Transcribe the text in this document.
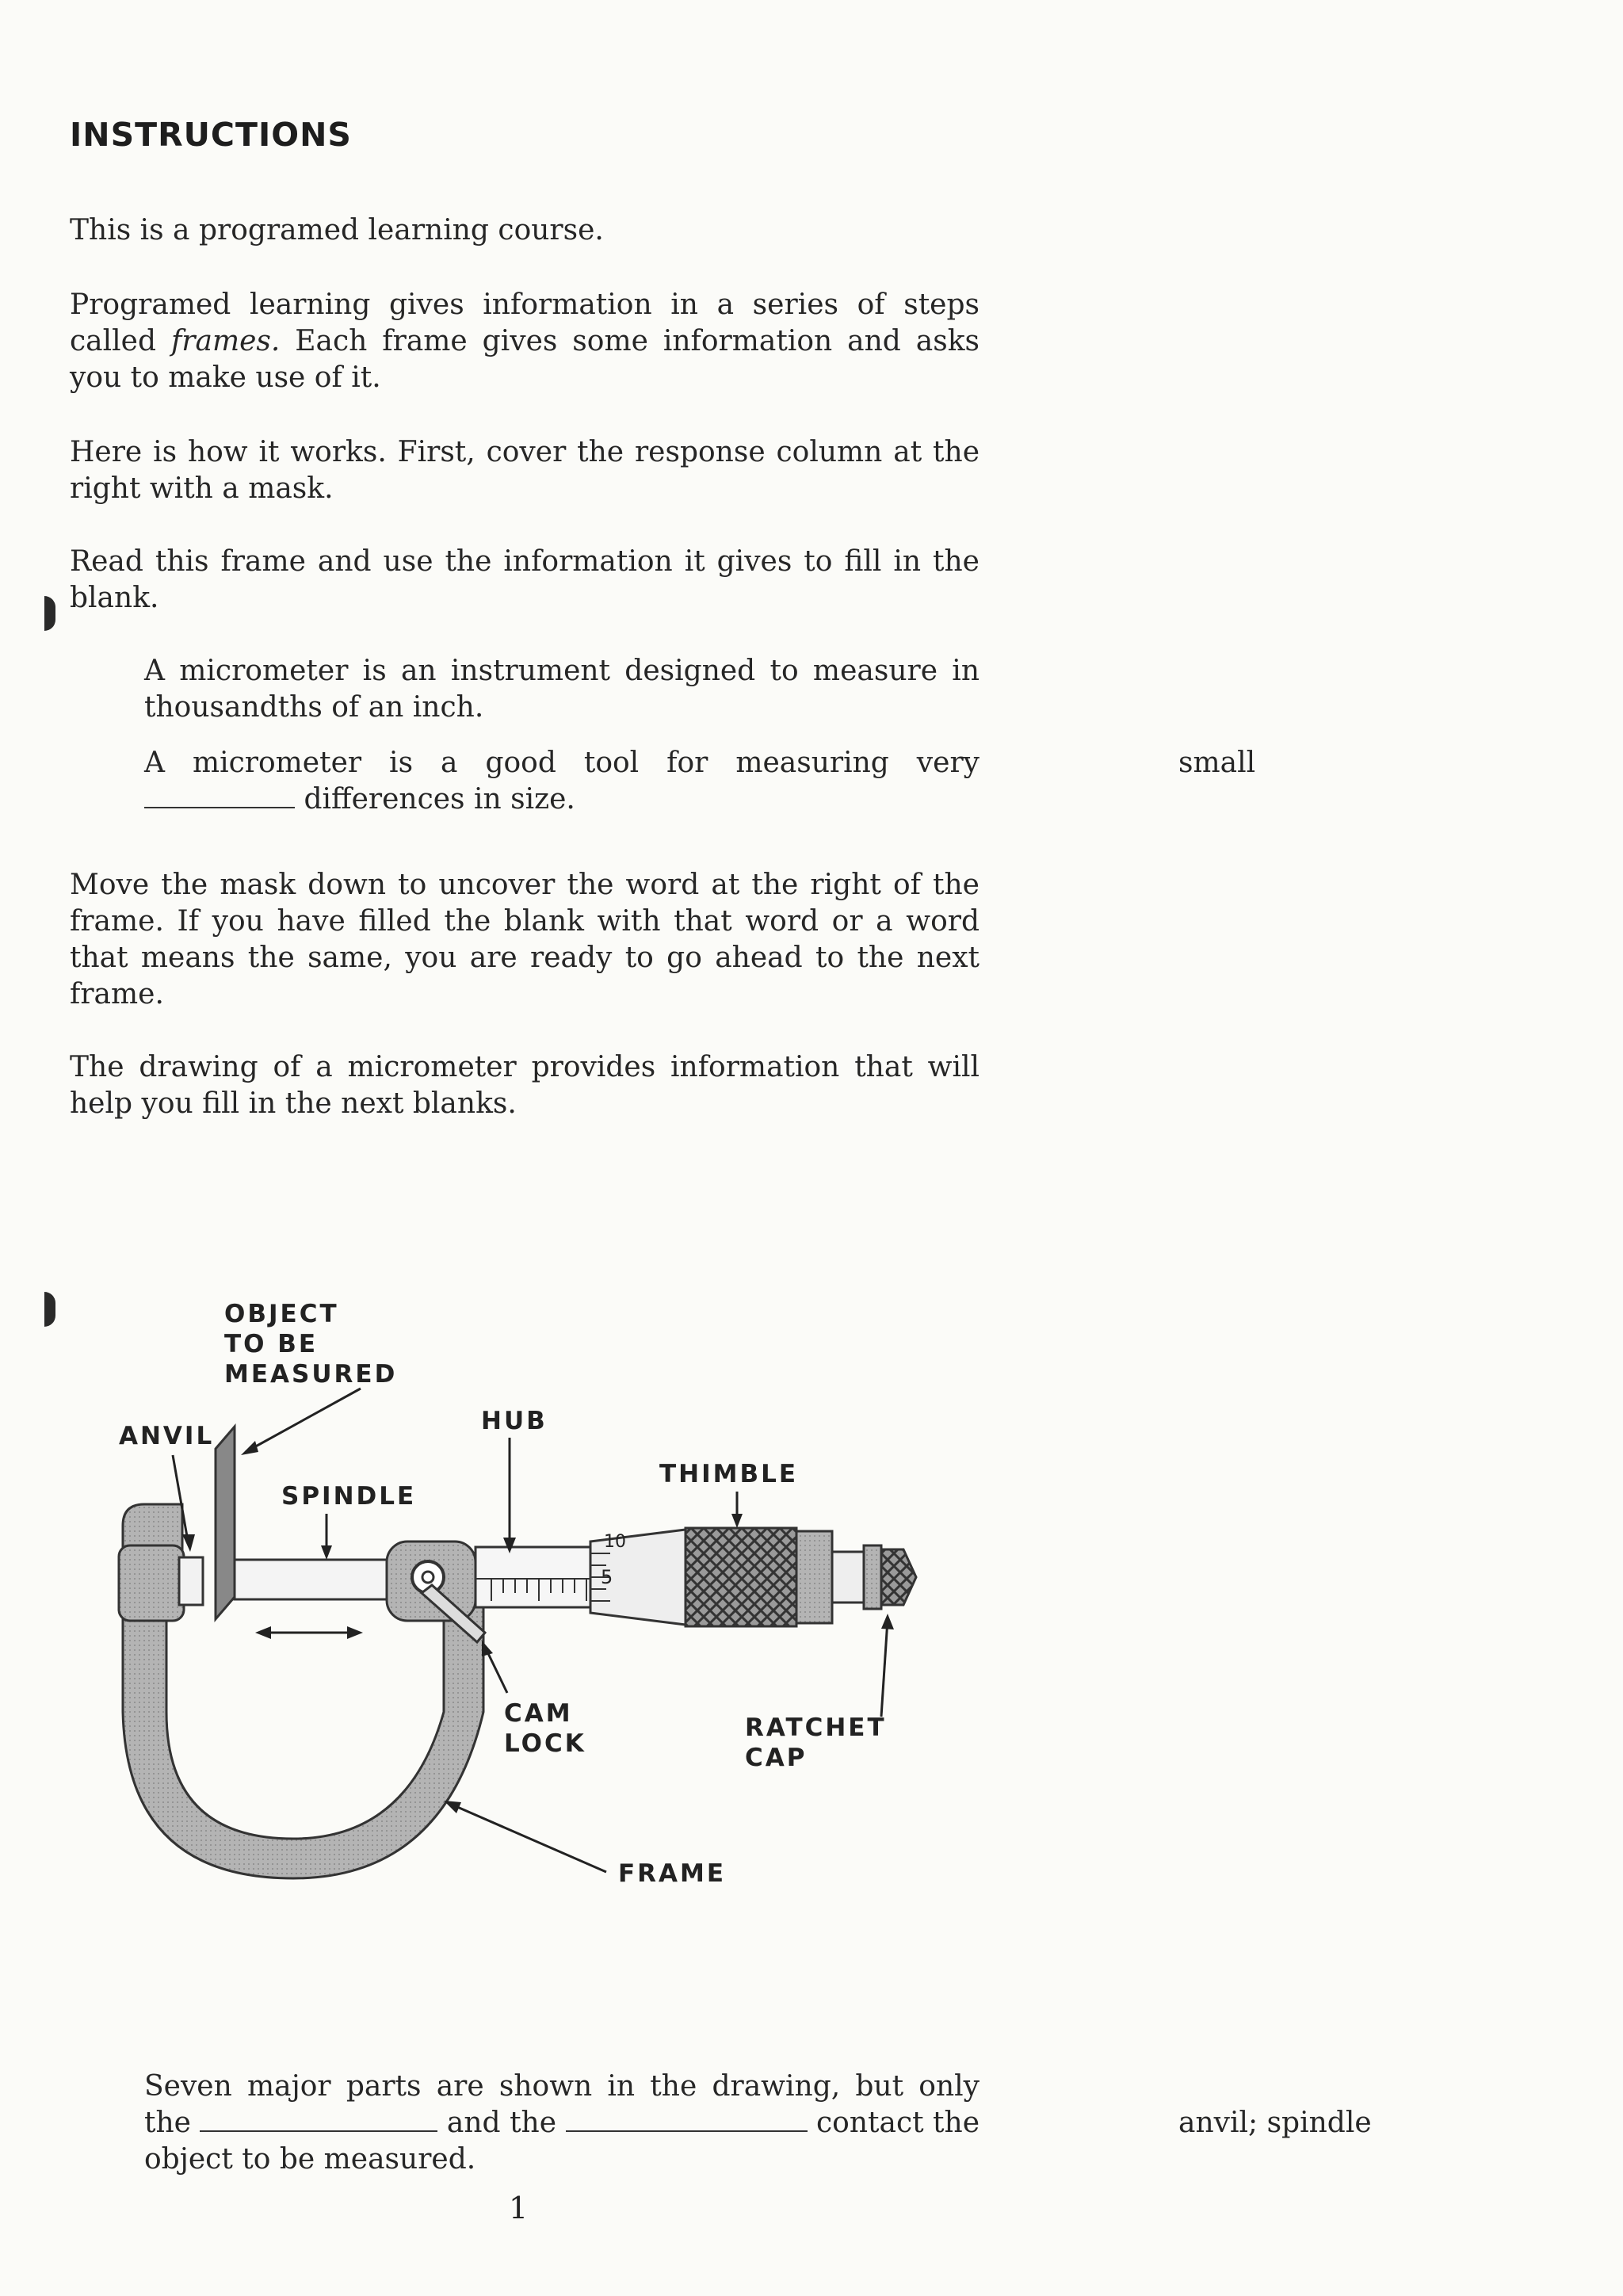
INSTRUCTIONS

This is a programed learning course.

Programed learning gives information in a series of steps called frames. Each frame gives some information and asks you to make use of it.

Here is how it works. First, cover the response column at the right with a mask.

Read this frame and use the information it gives to fill in the blank.

A micrometer is an instrument designed to measure in thousandths of an inch.

A micrometer is a good tool for measuring very  differences in size.

small

Move the mask down to uncover the word at the right of the frame. If you have filled the blank with that word or a word that means the same, you are ready to go ahead to the next frame.

The drawing of a micrometer provides information that will help you fill in the next blanks.

10
5
OBJECT
TO BE
MEASURED
ANVIL
HUB
SPINDLE
THIMBLE
CAM
LOCK
RATCHET
CAP
FRAME

Seven major parts are shown in the drawing, but only the	and the	contact the object to be measured.

anvil; spindle
1
